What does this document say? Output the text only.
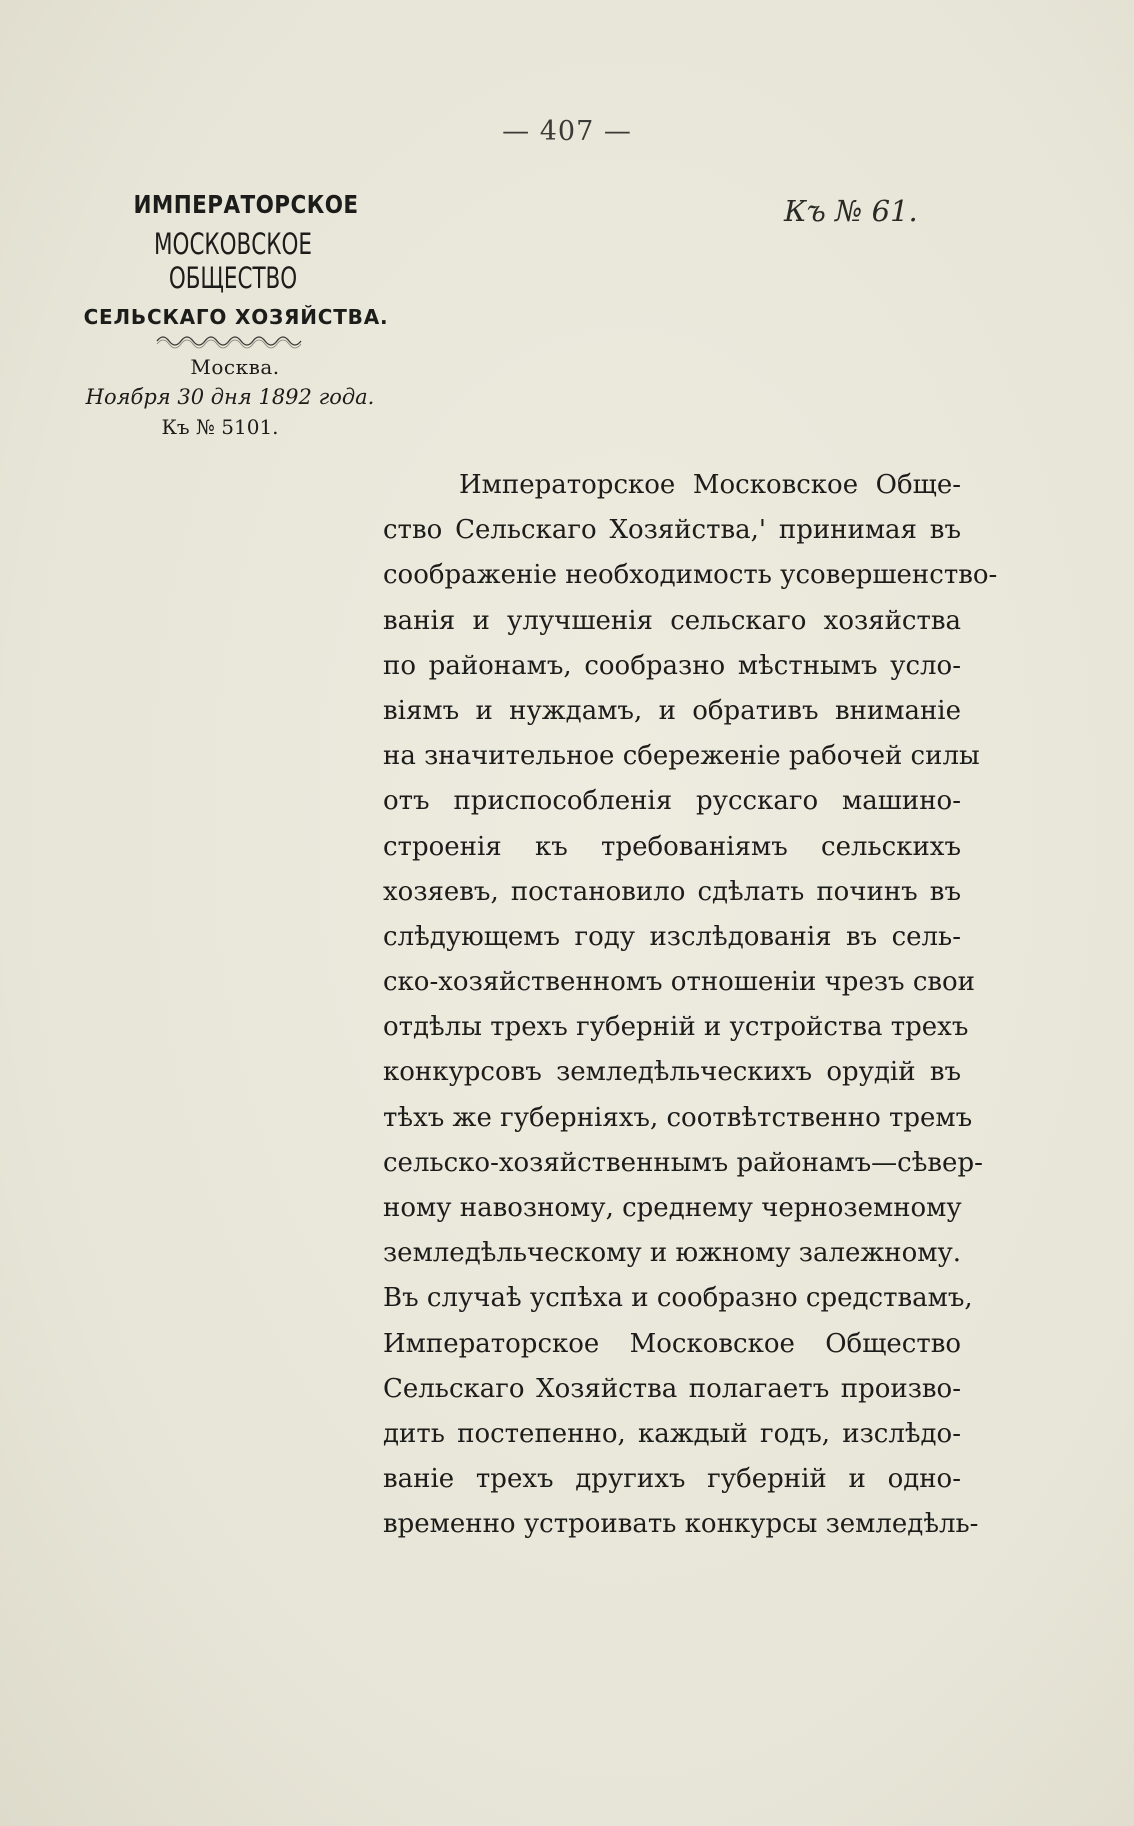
— 407 —
Къ № 61.
ИМПЕРАТОРСКОЕ
МОСКОВСКОЕ ОБЩЕСТВО
СЕЛЬСКАГО ХОЗЯЙСТВА.
Москва.
Ноября 30 дня 1892 года.
Къ № 5101.
Императорское Московское Обще-
ство Сельскаго Хозяйства,' принимая въ
соображеніе необходимость усовершенство-
ванія и улучшенія сельскаго хозяйства
по районамъ, сообразно мѣстнымъ усло-
віямъ и нуждамъ, и обративъ вниманіе
на значительное сбереженіе рабочей силы
отъ приспособленія русскаго машино-
строенія къ требованіямъ сельскихъ
хозяевъ, постановило сдѣлать починъ въ
слѣдующемъ году изслѣдованія въ сель-
ско-хозяйственномъ отношеніи чрезъ свои
отдѣлы трехъ губерній и устройства трехъ
конкурсовъ земледѣльческихъ орудій въ
тѣхъ же губерніяхъ, соотвѣтственно тремъ
сельско-хозяйственнымъ районамъ—сѣвер-
ному навозному, среднему черноземному
земледѣльческому и южному залежному.
Въ случаѣ успѣха и сообразно средствамъ,
Императорское Московское Общество
Сельскаго Хозяйства полагаетъ произво-
дить постепенно, каждый годъ, изслѣдо-
ваніе трехъ другихъ губерній и одно-
временно устроивать конкурсы земледѣль-
